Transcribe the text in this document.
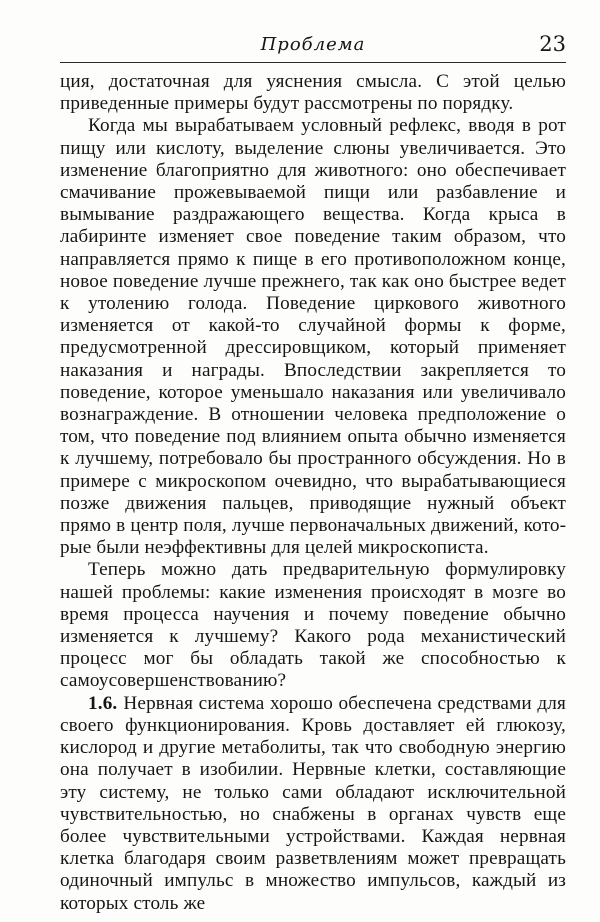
Проблема	23

ция, достаточная для уяснения смысла. С этой целью приведенные примеры будут рассмотрены по порядку.

Когда мы вырабатываем условный рефлекс, вводя в рот пищу или кислоту, выделение слюны увеличивается. Это изменение благоприятно для животного: оно обеспечивает смачивание прожевываемой пищи или разбавление и вымывание раздражающего вещества. Когда крыса в лабиринте изменяет свое поведение таким образом, что направляется прямо к пище в его противоположном конце, новое поведение лучше прежнего, так как оно быстрее ведет к утолению голода. Поведение циркового животного изменяется от какой-то случайной формы к форме, предусмотренной дрессировщиком, который применяет наказания и награды. Впоследствии закрепляется то поведение, которое уменьшало наказания или увеличивало вознаграждение. В отношении человека предположение о том, что поведение под влиянием опыта обычно изменяется к лучшему, потребовало бы пространного обсуждения. Но в примере с микроскопом очевидно, что вырабатывающиеся позже движения пальцев, приводящие нужный объект прямо в центр поля, лучше первоначальных движений, которые были неэффективны для целей микроскописта.

Теперь можно дать предварительную формулировку нашей проблемы: какие изменения происходят в мозге во время процесса научения и почему поведение обычно изменяется к лучшему? Какого рода механистический процесс мог бы обладать такой же способностью к самоусовершенствованию?

1.6. Нервная система хорошо обеспечена средствами для своего функционирования. Кровь доставляет ей глюкозу, кислород и другие метаболиты, так что свободную энергию она получает в изобилии. Нервные клетки, составляющие эту систему, не только сами обладают исключительной чувствительностью, но снабжены в органах чувств еще более чувствительными устройствами. Каждая нервная клетка благодаря своим разветвлениям может превращать одиночный импульс в множество импульсов, каждый из которых столь же
